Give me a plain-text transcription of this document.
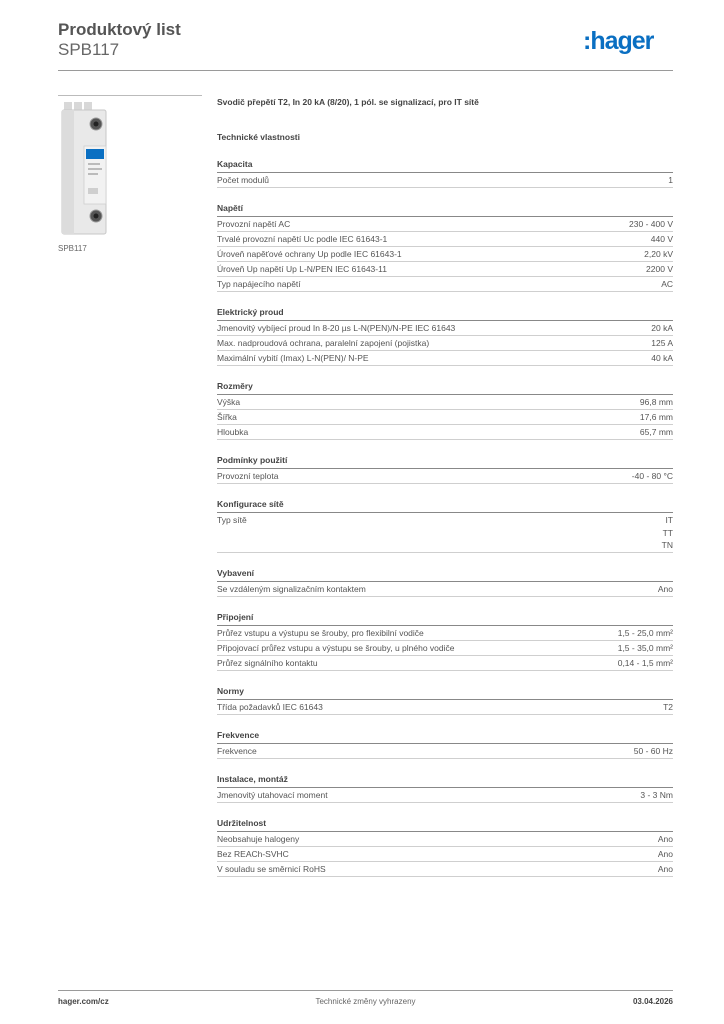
Produktový list
SPB117	:hager
SPB117
Svodič přepětí T2, In 20 kA (8/20), 1 pól. se signalizací, pro IT sítě
Technické vlastnosti
Kapacita
Počet modulů	1
Napětí
Provozní napětí AC	230 - 400 V
Trvalé provozní napětí Uc podle IEC 61643-1	440 V
Úroveň napěťové ochrany Up podle IEC 61643-1	2,20 kV
Úroveň Up napětí Up L-N/PEN IEC 61643-11	2200 V
Typ napájecího napětí	AC
Elektrický proud
Jmenovitý vybíjecí proud In 8-20 µs L-N(PEN)/N-PE IEC 61643	20 kA
Max. nadproudová ochrana, paralelní zapojení (pojistka)	125 A
Maximální vybití (Imax) L-N(PEN)/ N-PE	40 kA
Rozměry
Výška	96,8 mm
Šířka	17,6 mm
Hloubka	65,7 mm
Podmínky použití
Provozní teplota	-40 - 80 °C
Konfigurace sítě
Typ sítě	IT
TT
TN
Vybavení
Se vzdáleným signalizačním kontaktem	Ano
Připojení
Průřez vstupu a výstupu se šrouby, pro flexibilní vodiče	1,5 - 25,0 mm²
Připojovací průřez vstupu a výstupu se šrouby, u plného vodiče	1,5 - 35,0 mm²
Průřez signálního kontaktu	0,14 - 1,5 mm²
Normy
Třída požadavků IEC 61643	T2
Frekvence
Frekvence	50 - 60 Hz
Instalace, montáž
Jmenovitý utahovací moment	3 - 3 Nm
Udržitelnost
Neobsahuje halogeny	Ano
Bez REACh-SVHC	Ano
V souladu se směrnicí RoHS	Ano
hager.com/cz	Technické změny vyhrazeny	03.04.2026
